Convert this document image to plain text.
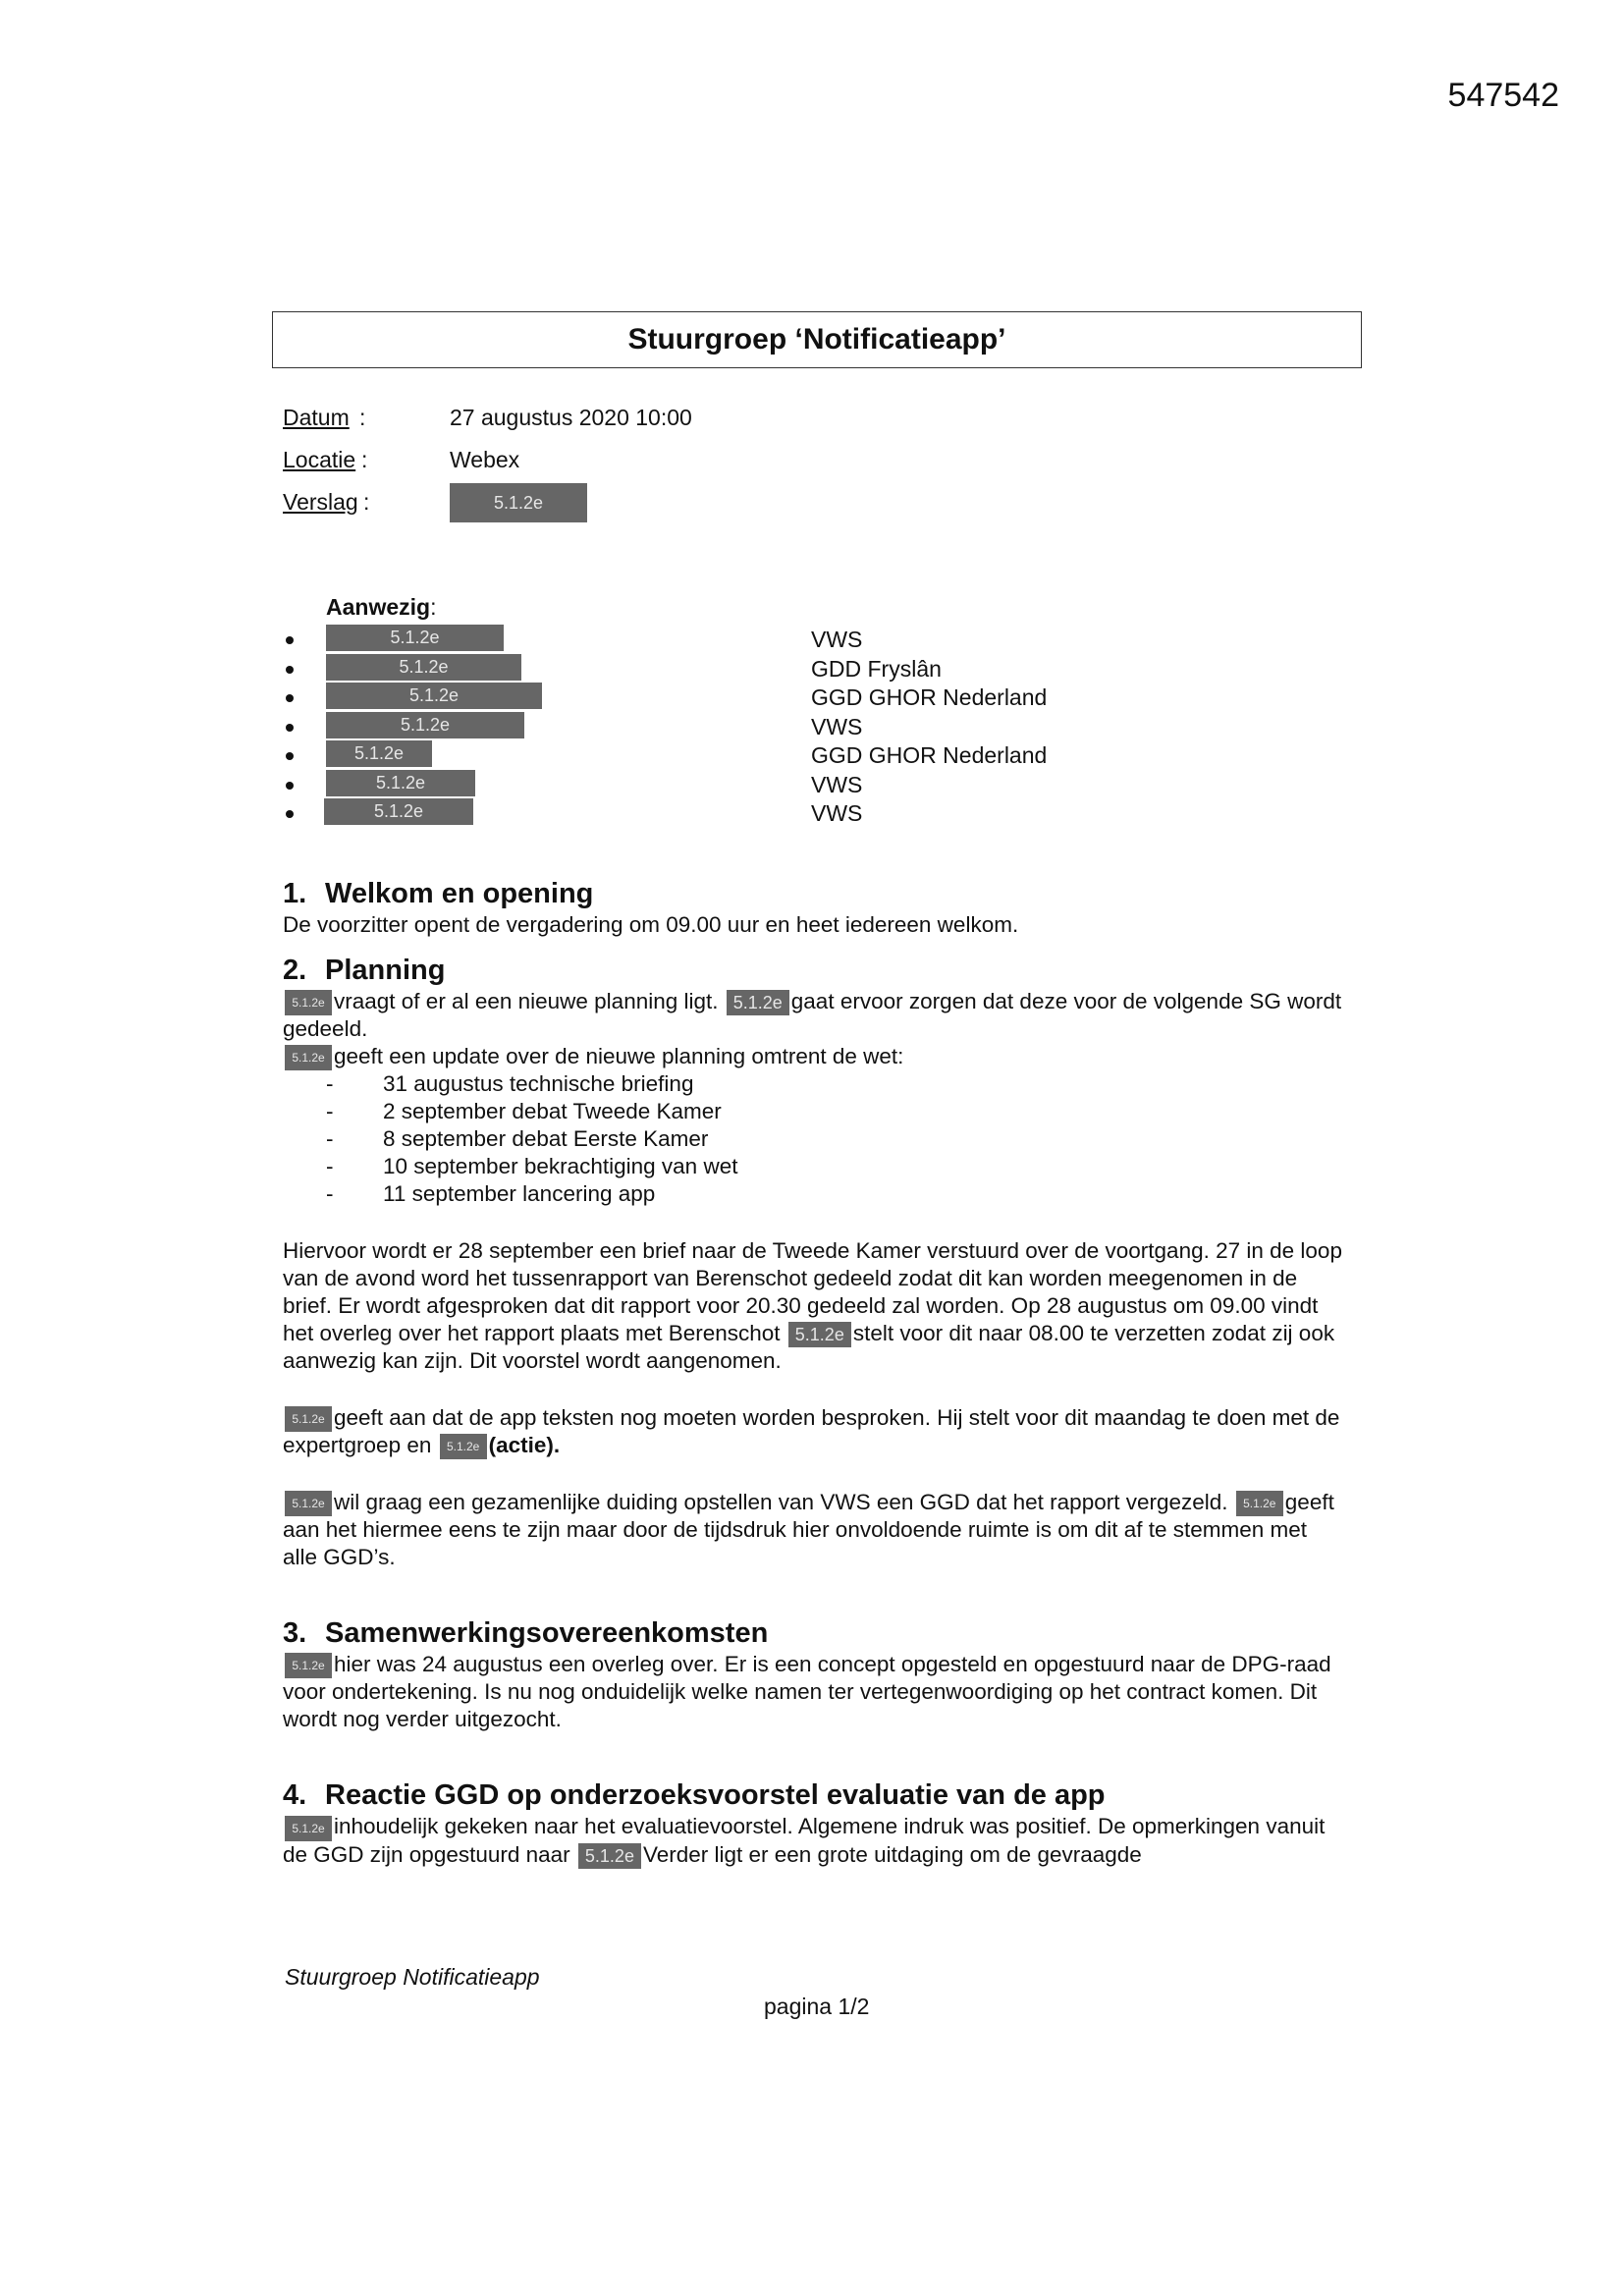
547542
Stuurgroep ‘Notificatieapp’
Datum :	27 augustus 2020 10:00
Locatie :	Webex
Verslag :	5.1.2e
Aanwezig:
5.1.2e	VWS
5.1.2e	GDD Fryslân
5.1.2e	GGD GHOR Nederland
5.1.2e	VWS
5.1.2e	GGD GHOR Nederland
5.1.2e	VWS
5.1.2e	VWS
1. Welkom en opening

De voorzitter opent de vergadering om 09.00 uur en heet iedereen welkom.

2. Planning

5.1.2e vraagt of er al een nieuwe planning ligt. 5.1.2e gaat ervoor zorgen dat deze voor de volgende SG wordt gedeeld.

5.1.2e geeft een update over de nieuwe planning omtrent de wet:

-	31 augustus technische briefing
-	2 september debat Tweede Kamer
-	8 september debat Eerste Kamer
-	10 september bekrachtiging van wet
-	11 september lancering app

Hiervoor wordt er 28 september een brief naar de Tweede Kamer verstuurd over de voortgang. 27 in de loop van de avond word het tussenrapport van Berenschot gedeeld zodat dit kan worden meegenomen in de brief. Er wordt afgesproken dat dit rapport voor 20.30 gedeeld zal worden. Op 28 augustus om 09.00 vindt het overleg over het rapport plaats met Berenschot 5.1.2e stelt voor dit naar 08.00 te verzetten zodat zij ook aanwezig kan zijn. Dit voorstel wordt aangenomen.

5.1.2e geeft aan dat de app teksten nog moeten worden besproken. Hij stelt voor dit maandag te doen met de expertgroep en 5.1.2e (actie).

5.1.2e wil graag een gezamenlijke duiding opstellen van VWS een GGD dat het rapport vergezeld. 5.1.2e geeft aan het hiermee eens te zijn maar door de tijdsdruk hier onvoldoende ruimte is om dit af te stemmen met alle GGD’s.

3. Samenwerkingsovereenkomsten

5.1.2e hier was 24 augustus een overleg over. Er is een concept opgesteld en opgestuurd naar de DPG-raad voor ondertekening. Is nu nog onduidelijk welke namen ter vertegenwoordiging op het contract komen. Dit wordt nog verder uitgezocht.

4. Reactie GGD op onderzoeksvoorstel evaluatie van de app

5.1.2e inhoudelijk gekeken naar het evaluatievoorstel. Algemene indruk was positief. De opmerkingen vanuit de GGD zijn opgestuurd naar 5.1.2e Verder ligt er een grote uitdaging om de gevraagde

Stuurgroep Notificatieapp
pagina 1/2
